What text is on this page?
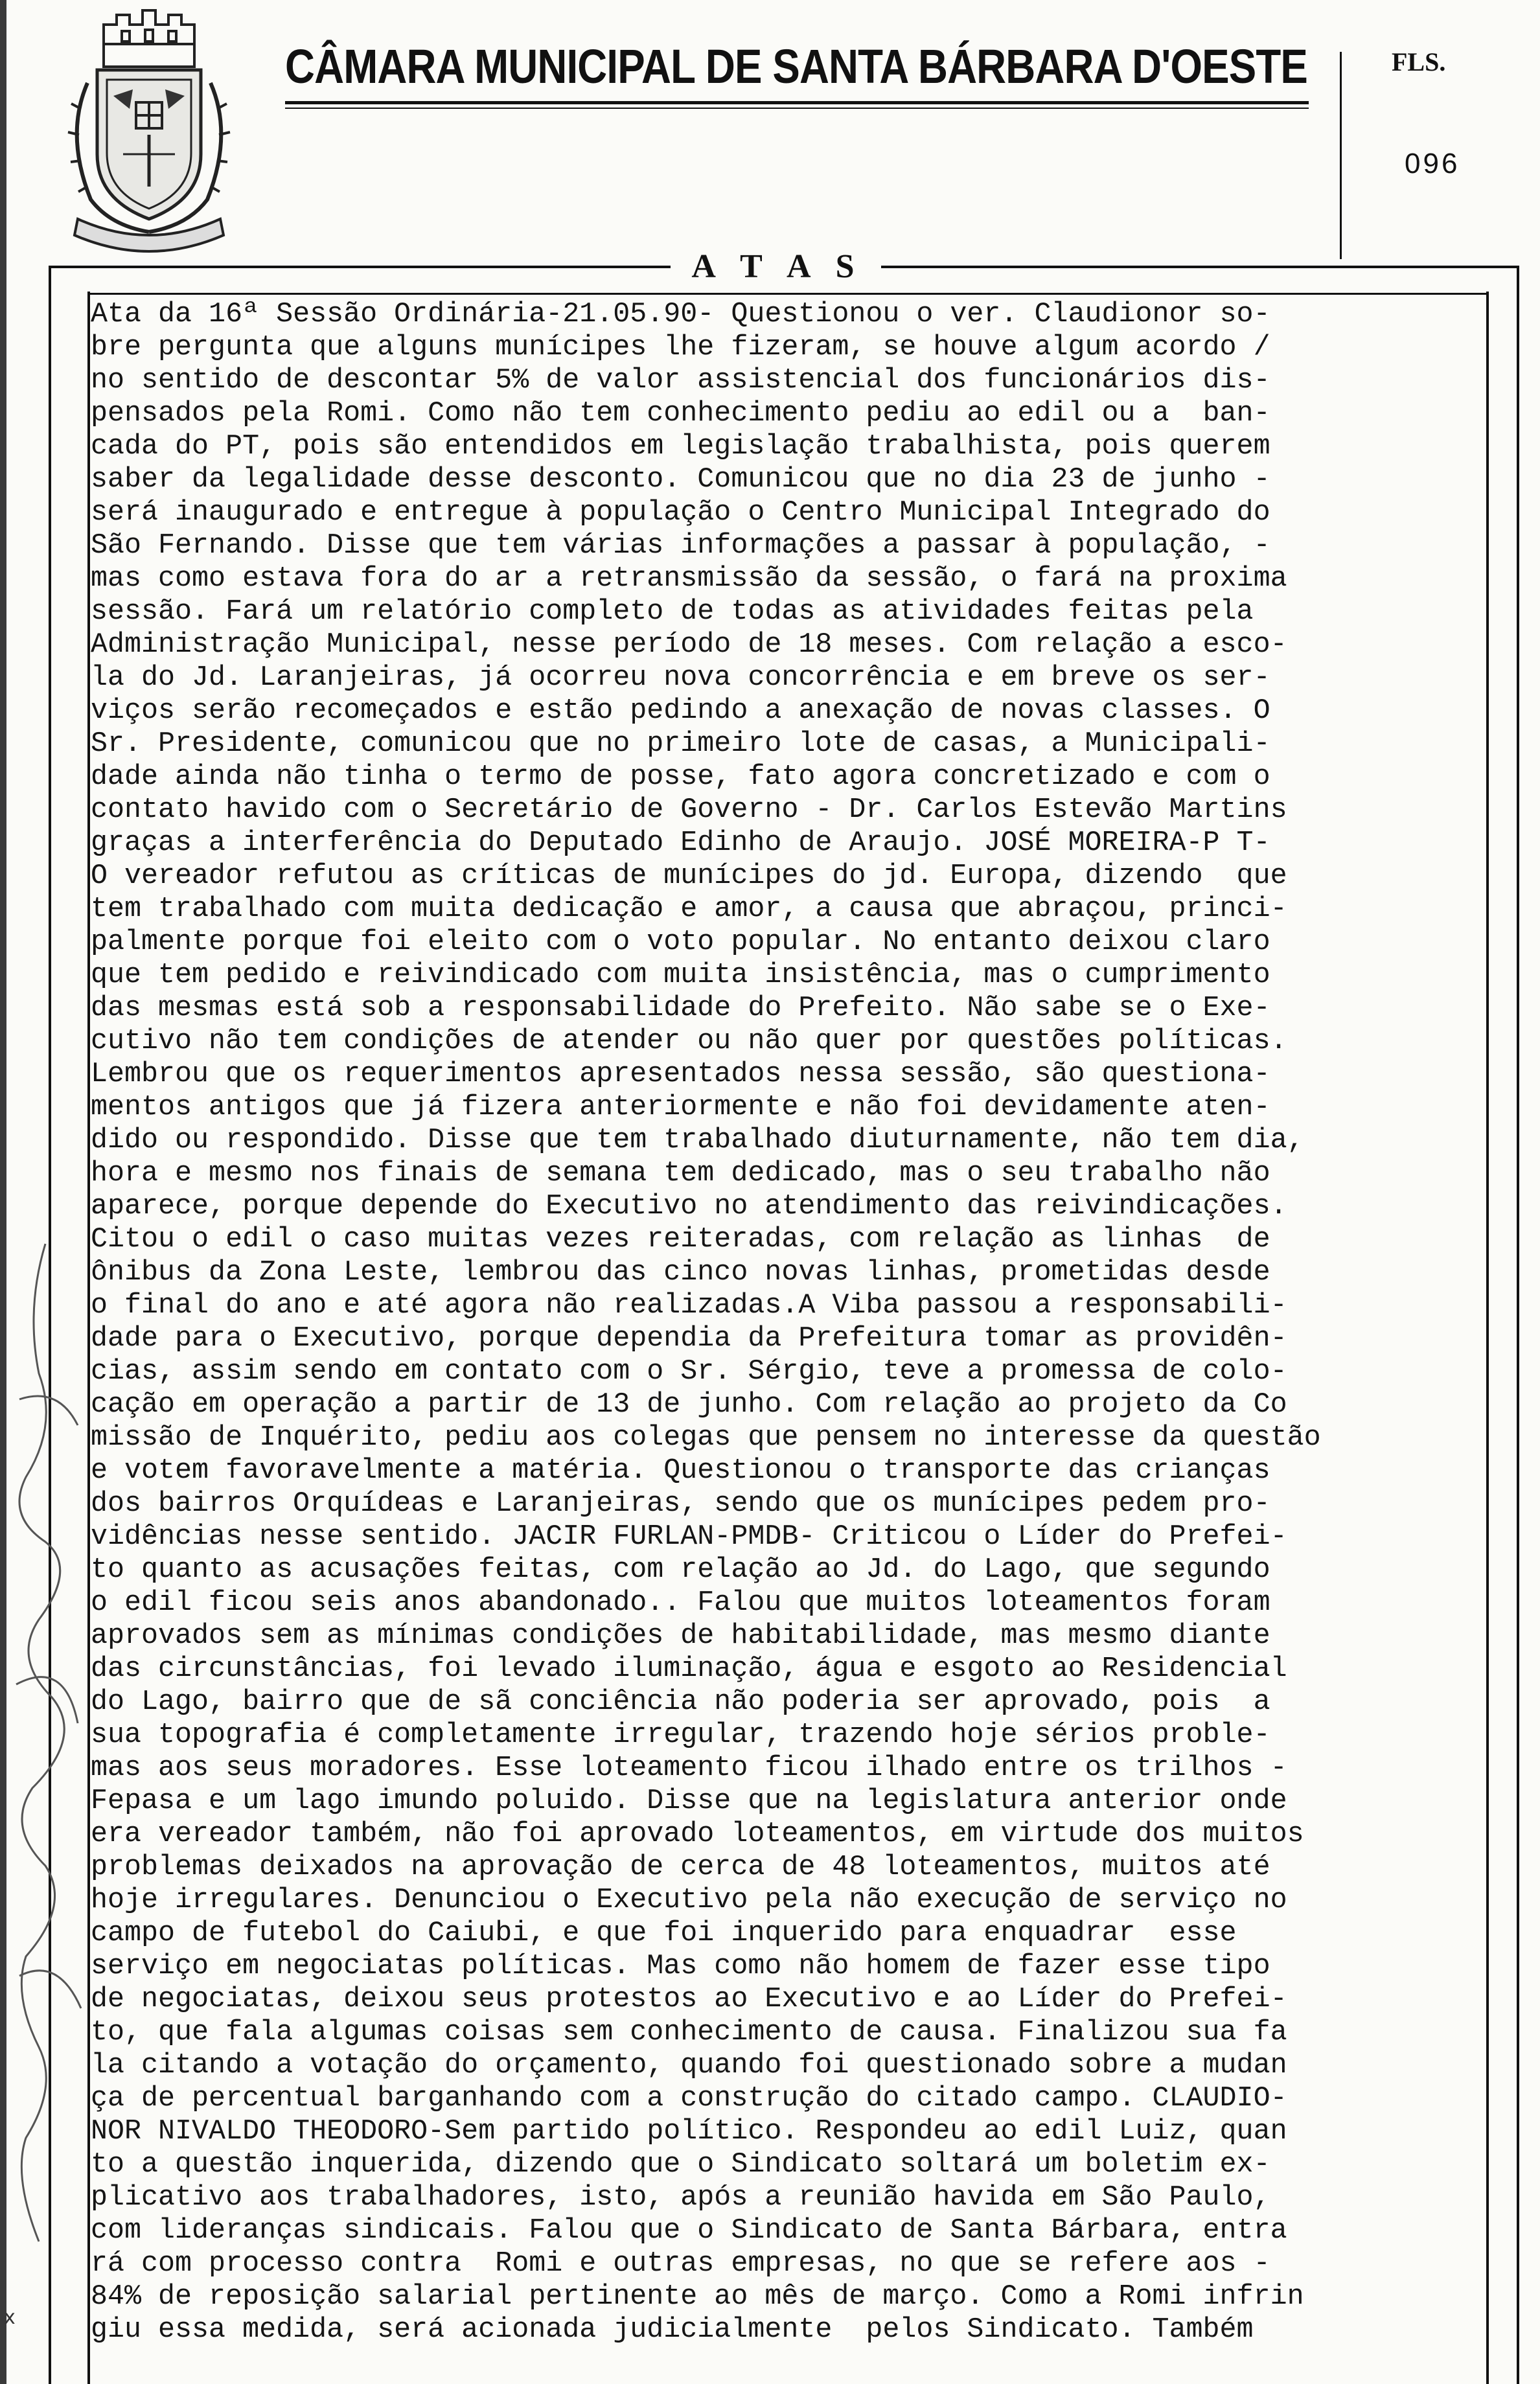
CÂMARA MUNICIPAL DE SANTA BÁRBARA D'OESTE	FLS.
096
A T A S
Ata da 16ª Sessão Ordinária-21.05.90- Questionou o ver. Claudionor so-
bre pergunta que alguns munícipes lhe fizeram, se houve algum acordo /
no sentido de descontar 5% de valor assistencial dos funcionários dis-
pensados pela Romi. Como não tem conhecimento pediu ao edil ou a  ban-
cada do PT, pois são entendidos em legislação trabalhista, pois querem
saber da legalidade desse desconto. Comunicou que no dia 23 de junho -
será inaugurado e entregue à população o Centro Municipal Integrado do
São Fernando. Disse que tem várias informações a passar à população, -
mas como estava fora do ar a retransmissão da sessão, o fará na proxima
sessão. Fará um relatório completo de todas as atividades feitas pela
Administração Municipal, nesse período de 18 meses. Com relação a esco-
la do Jd. Laranjeiras, já ocorreu nova concorrência e em breve os ser-
viços serão recomeçados e estão pedindo a anexação de novas classes. O
Sr. Presidente, comunicou que no primeiro lote de casas, a Municipali-
dade ainda não tinha o termo de posse, fato agora concretizado e com o
contato havido com o Secretário de Governo - Dr. Carlos Estevão Martins
graças a interferência do Deputado Edinho de Araujo. JOSÉ MOREIRA-P T-
O vereador refutou as críticas de munícipes do jd. Europa, dizendo  que
tem trabalhado com muita dedicação e amor, a causa que abraçou, princi-
palmente porque foi eleito com o voto popular. No entanto deixou claro
que tem pedido e reivindicado com muita insistência, mas o cumprimento
das mesmas está sob a responsabilidade do Prefeito. Não sabe se o Exe-
cutivo não tem condições de atender ou não quer por questões políticas.
Lembrou que os requerimentos apresentados nessa sessão, são questiona-
mentos antigos que já fizera anteriormente e não foi devidamente aten-
dido ou respondido. Disse que tem trabalhado diuturnamente, não tem dia,
hora e mesmo nos finais de semana tem dedicado, mas o seu trabalho não
aparece, porque depende do Executivo no atendimento das reivindicações.
Citou o edil o caso muitas vezes reiteradas, com relação as linhas  de
ônibus da Zona Leste, lembrou das cinco novas linhas, prometidas desde
o final do ano e até agora não realizadas.A Viba passou a responsabili-
dade para o Executivo, porque dependia da Prefeitura tomar as providên-
cias, assim sendo em contato com o Sr. Sérgio, teve a promessa de colo-
cação em operação a partir de 13 de junho. Com relação ao projeto da Co
missão de Inquérito, pediu aos colegas que pensem no interesse da questão
e votem favoravelmente a matéria. Questionou o transporte das crianças
dos bairros Orquídeas e Laranjeiras, sendo que os munícipes pedem pro-
vidências nesse sentido. JACIR FURLAN-PMDB- Criticou o Líder do Prefei-
to quanto as acusações feitas, com relação ao Jd. do Lago, que segundo
o edil ficou seis anos abandonado.. Falou que muitos loteamentos foram
aprovados sem as mínimas condições de habitabilidade, mas mesmo diante
das circunstâncias, foi levado iluminação, água e esgoto ao Residencial
do Lago, bairro que de sã conciência não poderia ser aprovado, pois  a
sua topografia é completamente irregular, trazendo hoje sérios proble-
mas aos seus moradores. Esse loteamento ficou ilhado entre os trilhos -
Fepasa e um lago imundo poluido. Disse que na legislatura anterior onde
era vereador também, não foi aprovado loteamentos, em virtude dos muitos
problemas deixados na aprovação de cerca de 48 loteamentos, muitos até
hoje irregulares. Denunciou o Executivo pela não execução de serviço no
campo de futebol do Caiubi, e que foi inquerido para enquadrar  esse
serviço em negociatas políticas. Mas como não homem de fazer esse tipo
de negociatas, deixou seus protestos ao Executivo e ao Líder do Prefei-
to, que fala algumas coisas sem conhecimento de causa. Finalizou sua fa
la citando a votação do orçamento, quando foi questionado sobre a mudan
ça de percentual barganhando com a construção do citado campo. CLAUDIO-
NOR NIVALDO THEODORO-Sem partido político. Respondeu ao edil Luiz, quan
to a questão inquerida, dizendo que o Sindicato soltará um boletim ex-
plicativo aos trabalhadores, isto, após a reunião havida em São Paulo,
com lideranças sindicais. Falou que o Sindicato de Santa Bárbara, entra
rá com processo contra  Romi e outras empresas, no que se refere aos -
84% de reposição salarial pertinente ao mês de março. Como a Romi infrin
giu essa medida, será acionada judicialmente  pelos Sindicato. Também
x
